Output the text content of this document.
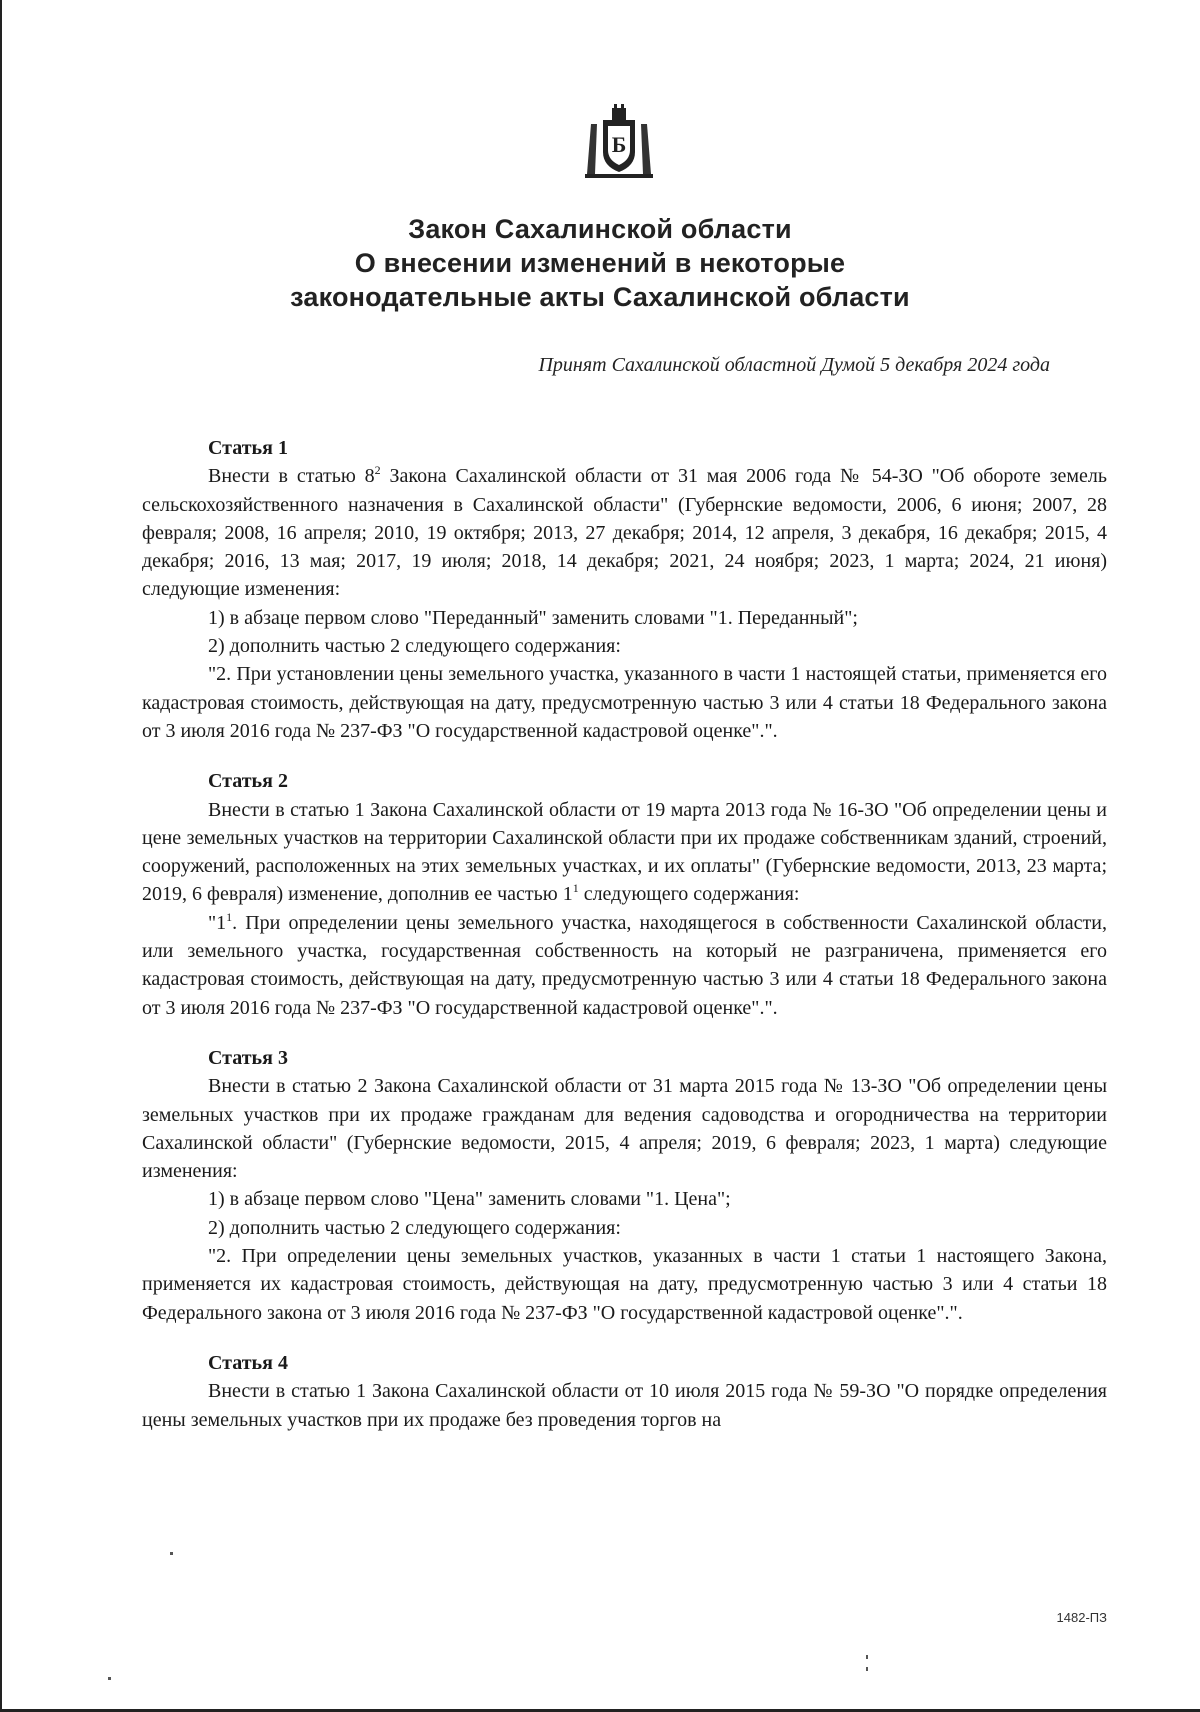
Б
Закон Сахалинской области
О внесении изменений в некоторые
законодательные акты Сахалинской области
Принят Сахалинской областной Думой 5 декабря 2024 года
Статья 1

Внести в статью $8^2$ Закона Сахалинской области от 31 мая 2006 года № 54-ЗО "Об обороте земель сельскохозяйственного назначения в Сахалинской области" (Губернские ведомости, 2006, 6 июня; 2007, 28 февраля; 2008, 16 апреля; 2010, 19 октября; 2013, 27 декабря; 2014, 12 апреля, 3 декабря, 16 декабря; 2015, 4 декабря; 2016, 13 мая; 2017, 19 июля; 2018, 14 декабря; 2021, 24 ноября; 2023, 1 марта; 2024, 21 июня) следующие изменения:

1) в абзаце первом слово "Переданный" заменить словами "1. Переданный";

2) дополнить частью 2 следующего содержания:

"2. При установлении цены земельного участка, указанного в части 1 настоящей статьи, применяется его кадастровая стоимость, действующая на дату, предусмотренную частью 3 или 4 статьи 18 Федерального закона от 3 июля 2016 года № 237-ФЗ "О государственной кадастровой оценке".".

Статья 2

Внести в статью 1 Закона Сахалинской области от 19 марта 2013 года № 16-ЗО "Об определении цены и цене земельных участков на территории Сахалинской области при их продаже собственникам зданий, строений, сооружений, расположенных на этих земельных участках, и их оплаты" (Губернские ведомости, 2013, 23 марта; 2019, 6 февраля) изменение, дополнив ее частью $1^1$ следующего содержания:

"$1^1$. При определении цены земельного участка, находящегося в собственности Сахалинской области, или земельного участка, государственная собственность на который не разграничена, применяется его кадастровая стоимость, действующая на дату, предусмотренную частью 3 или 4 статьи 18 Федерального закона от 3 июля 2016 года № 237-ФЗ "О государственной кадастровой оценке".".

Статья 3

Внести в статью 2 Закона Сахалинской области от 31 марта 2015 года № 13-ЗО "Об определении цены земельных участков при их продаже гражданам для ведения садоводства и огородничества на территории Сахалинской области" (Губернские ведомости, 2015, 4 апреля; 2019, 6 февраля; 2023, 1 марта) следующие изменения:

1) в абзаце первом слово "Цена" заменить словами "1. Цена";

2) дополнить частью 2 следующего содержания:

"2. При определении цены земельных участков, указанных в части 1 статьи 1 настоящего Закона, применяется их кадастровая стоимость, действующая на дату, предусмотренную частью 3 или 4 статьи 18 Федерального закона от 3 июля 2016 года № 237-ФЗ "О государственной кадастровой оценке".".

Статья 4

Внести в статью 1 Закона Сахалинской области от 10 июля 2015 года № 59-ЗО "О порядке определения цены земельных участков при их продаже без проведения торгов на

1482-ПЗ
